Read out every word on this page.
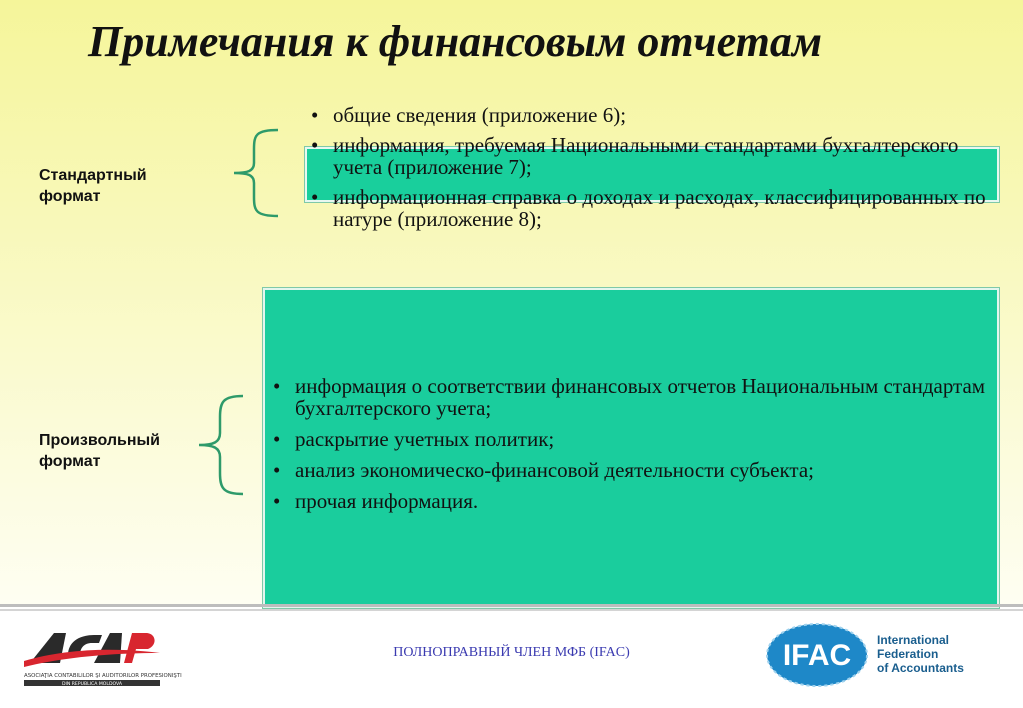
Примечания к финансовым отчетам
Стандартный
формат
• общие сведения (приложение 6);
• информация, требуемая Национальными стандартами бухгалтерского учета (приложение 7);
• информационная справка о доходах и расходах, классифицированных по натуре (приложение 8);
Произвольный
формат
• информация о соответствии финансовых отчетов Национальным стандартам бухгалтерского учета;
• раскрытие учетных политик;
• анализ экономическо-финансовой деятельности субъекта;
• прочая информация.
ASOCIAŢIA CONTABILILOR ŞI AUDITORILOR PROFESIONIŞTI
DIN REPUBLICA MOLDOVA
ПОЛНОПРАВНЫЙ ЧЛЕН МФБ (IFAC)	IFAC International
Federation
of Accountants
